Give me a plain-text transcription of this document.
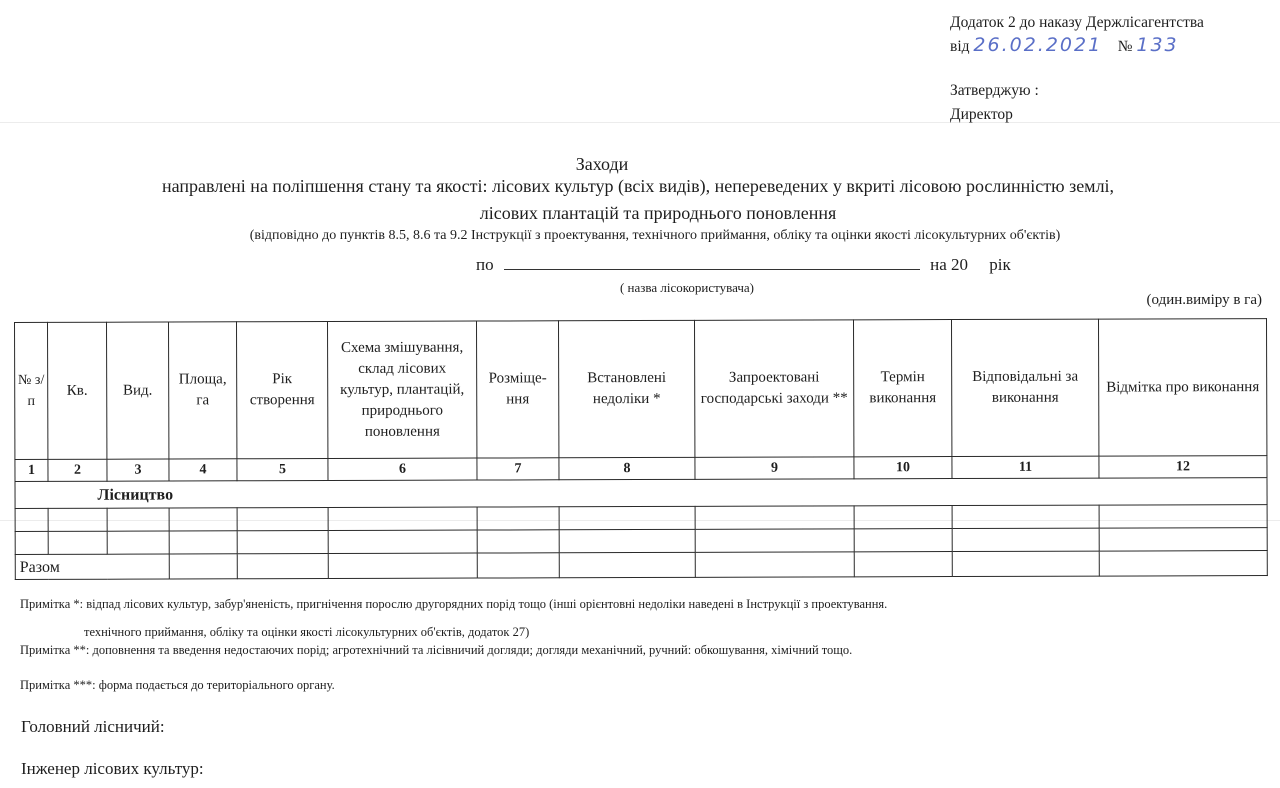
Додаток 2 до наказу Держлісагентства
від 26.02.2021 № 133
Затверджую :
Директор
Заходи
направлені на поліпшення стану та якості: лісових культур (всіх видів), непереведених у вкриті лісовою рослинністю землі,
лісових плантацій та природнього поновлення
(відповідно до пунктів 8.5, 8.6 та 9.2 Інструкції з проектування, технічного приймання, обліку та оцінки якості лісокультурних об'єктів)
по	на 20     рік
( назва лісокористувача)
(один.виміру в га)
№ з/п	Кв.	Вид.	Площа, га	Рік створення	Схема змішування, склад лісових культур, плантацій, природнього поновлення	Розміще-ння	Встановлені недоліки *	Запроектовані господарські заходи **	Термін виконання	Відповідальні за виконання	Відмітка про виконання
1	2	3	4	5	6	7	8	9	10	11	12
Лісництво											

Разом											
Примітка *: відпад лісових культур, забур'яненість, пригнічення порослю другорядних порід тощо (інші орієнтовні недоліки наведені в Інструкції з проектування.
технічного приймання, обліку та оцінки якості лісокультурних об'єктів, додаток 27)
Примітка **: доповнення та введення недостаючих порід; агротехнічний та лісівничий догляди; догляди механічний, ручний: обкошування, хімічний тощо.
Примітка ***: форма подається до територіального органу.
Головний лісничий:
Інженер лісових культур:
